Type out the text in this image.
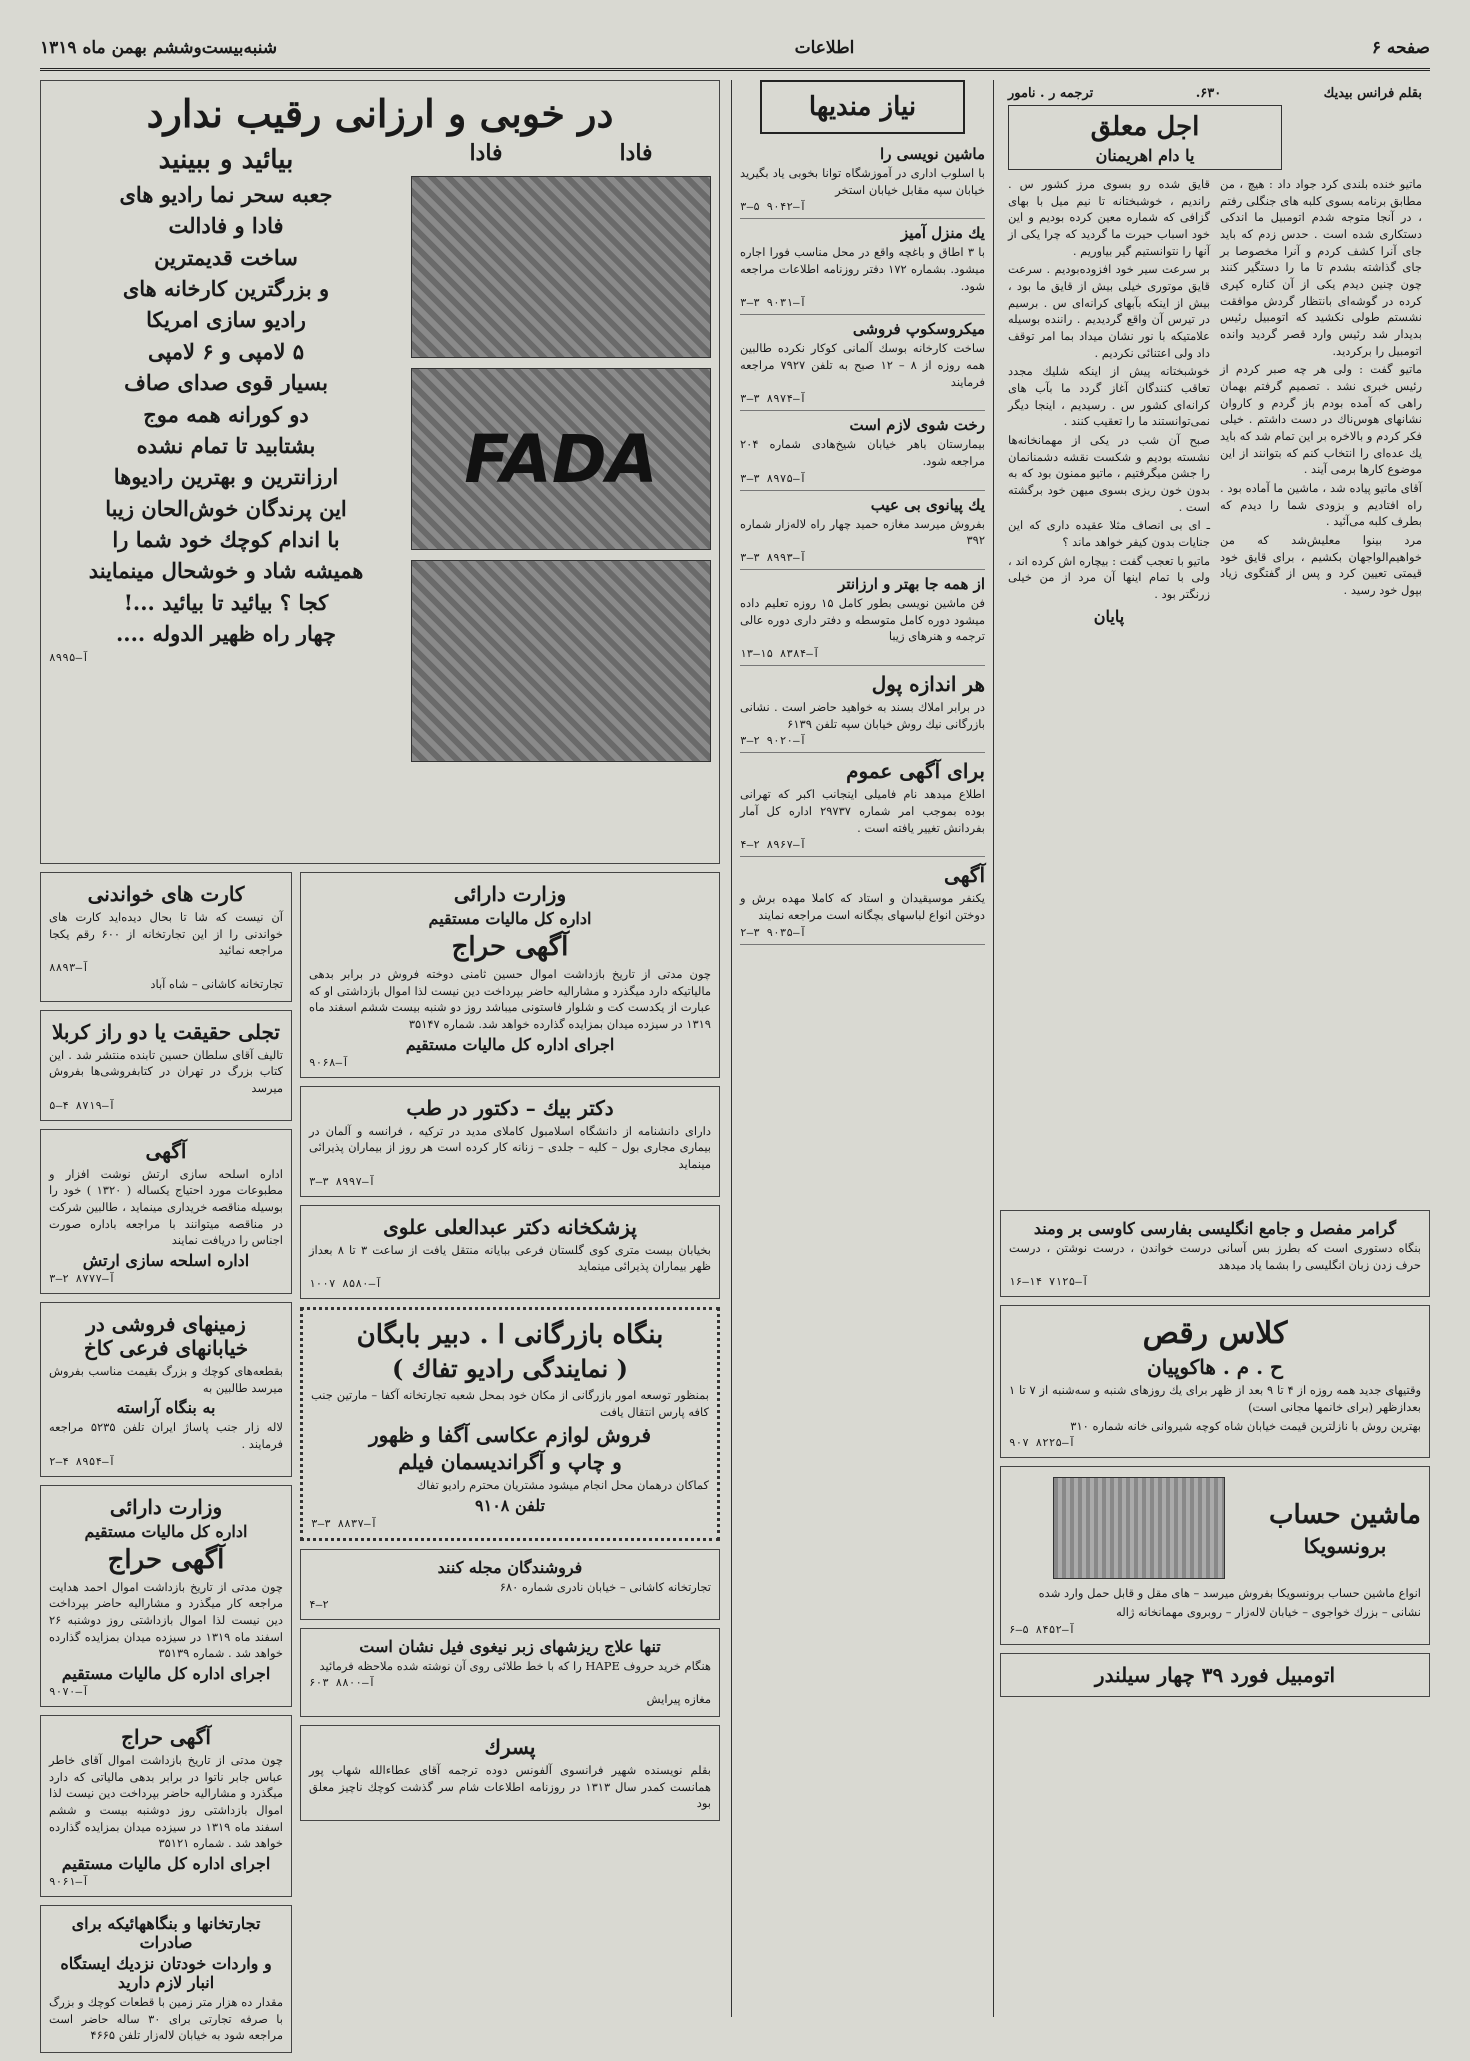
صفحه ۶
اطلاعات
شنبه‌بیست‌وششم بهمن ماه ۱۳۱۹
بقلم فرانس بیدیك
۶۳۰.
ترجمه ر . نامور
اجل معلق
یا دام اهریمنان

ماتیو خنده بلندی کرد جواد داد : هیچ ، من مطابق برنامه بسوی کلبه های جنگلی رفتم ، در آنجا متوجه شدم اتومبیل ما اندکی دستکاری شده است . حدس زدم که باید جای آنرا کشف کردم و آنرا مخصوصا بر جای گذاشته بشدم تا ما را دستگیر کنند چون چنین دیدم یکی از آن کناره کپری کرده در گوشه‌ای بانتظار گردش موافقت نشستم طولی نکشید که اتومبیل رئیس بدیدار شد رئیس وارد قصر گردید وانده اتومبیل را برکردید.

ماتیو گفت : ولی هر چه صبر کردم از رئیس خبری نشد . تصمیم گرفتم بهمان راهی که آمده بودم باز گردم و کاروان نشانهای هوس‌ناك در دست داشتم . خیلی فکر کردم و بالاخره بر این تمام شد که باید یك عده‌ای را انتخاب کنم که بتوانند از این موضوع کارها برمی آیند .

آقای ماتیو پیاده شد ، ماشین ما آماده بود . راه افتادیم و بزودی شما را دیدم که بطرف کلبه می‌آئید .

مرد بینوا معلیش‌شد که من خواهیم‌الواجهان بکشیم ، برای قایق خود قیمتی تعیین کرد و پس از گفتگوی زیاد بپول خود رسید .

قایق شده رو بسوی مرز کشور س . راندیم ، خوشبختانه تا نیم میل با بهای گزافی که شماره معین کرده بودیم و این خود اسباب حیرت ما گردید که چرا یکی از آنها را نتوانستیم گیر بیاوریم .

بر سرعت سیر خود افزوده‌بودیم . سرعت قایق موتوری خیلی بیش از قایق ما بود ، بیش از اینکه بآبهای کرانه‌ای س . برسیم در تیرس آن واقع گردیدیم . راننده بوسیله علامتیکه با نور نشان میداد بما امر توقف داد ولی اعتنائی نکردیم .

خوشبختانه پیش از اینکه شلیك مجدد تعاقب کنندگان آغاز گردد ما بآب های کرانه‌ای کشور س . رسیدیم ، اینجا دیگر نمی‌توانستند ما را تعقیب کنند .

صبح آن شب در یکی از مهمانخانه‌ها نشسته بودیم و شکست نقشه دشمنانمان را جشن میگرفتیم ، ماتیو ممنون بود که به بدون خون ریزی بسوی میهن خود برگشته است .

ـ ای بی انصاف مثلا عقیده داری که این جنایات بدون کیفر خواهد ماند ؟

ماتیو با تعجب گفت : بیچاره اش کرده اند ، ولی با تمام اینها آن مرد از من خیلی زرنگتر بود .

پایان

گرامر مفصل و جامع انگلیسی بفارسی کاوسی بر ومند

بنگاه دستوری است که بطرز بس آسانی درست خواندن ، درست نوشتن ، درست حرف زدن زبان انگلیسی را بشما یاد میدهد

۱۶–۱۴ ۷۱۲۵–آ

کلاس رقص
ح . م . هاکوپیان

وقتیهای جدید همه روزه از ۴ تا ۹ بعد از ظهر برای یك روزهای شنبه و سه‌شنبه از ۷ تا ۱ بعدازظهر (برای خانمها مجانی است)

بهترین روش با نازلترین قیمت خیابان شاه کوچه شیروانی خانه شماره ۳۱۰

۹۰۷ ۸۲۲۵–آ

ماشین حساب
برونسویکا

انواع ماشین حساب برونسویکا بفروش میرسد – های مقل و قابل حمل وارد شده

نشانی – بزرك خواجوی – خیابان لاله‌زار – روبروی مهمانخانه ژاله

۶–۵ ۸۴۵۲–آ

اتومبیل فورد ۳۹ چهار سیلندر
نیاز مندیها
ماشین نویسی را

با اسلوب اداری در آموزشگاه توانا بخوبی یاد بگیرید خیابان سپه مقابل خیابان استخر

۳–۵ ۹۰۴۲–آ

یك منزل آمیز

با ۳ اطاق و باغچه واقع در محل مناسب فورا اجاره میشود. بشماره ۱۷۲ دفتر روزنامه اطلاعات مراجعه شود.

۳–۳ ۹۰۳۱–آ

میکروسکوپ فروشی

ساخت کارخانه بوسك آلمانی کوکار نکرده طالبین همه روزه از ۸ – ۱۲ صبح به تلفن ۷۹۲۷ مراجعه فرمایند

۳–۳ ۸۹۷۴–آ

رخت شوی لازم است

بیمارستان باهر خیابان شیخ‌هادی شماره ۲۰۴ مراجعه شود.

۳–۳ ۸۹۷۵–آ

یك پیانوی بی عیب

بفروش میرسد مغازه حمید چهار راه لاله‌زار شماره ۳۹۲

۳–۳ ۸۹۹۳–آ

از همه جا بهتر و ارزانتر

فن ماشین نویسی بطور کامل ۱۵ روزه تعلیم داده میشود دوره کامل متوسطه و دفتر داری دوره عالی ترجمه و هنرهای زیبا

۱۳–۱۵ ۸۳۸۴–آ

هر اندازه پول

در برابر املاك بسند به خواهید حاضر است . نشانی بازرگانی نیك روش خیابان سپه تلفن ۶۱۳۹

۳–۲ ۹۰۲۰–آ

برای آگهی عموم

اطلاع میدهد نام فامیلی اینجانب اکبر که تهرانی بوده بموجب امر شماره ۲۹۷۳۷ اداره کل آمار بفردانش تغییر یافته است .

۴–۲ ۸۹۶۷–آ

آگهی

یکنفر موسیقیدان و استاد که کاملا مهده برش و دوختن انواع لباسهای بچگانه است مراجعه نمایند

۲–۳ ۹۰۳۵–آ

در خوبی و ارزانی رقیب ندارد
فادا
فادا
FADA
بیائید و ببینید
جعبه سحر نما رادیو های
فادا و فادالت
ساخت قدیمترین
و بزرگترین کارخانه های
رادیو سازی امریکا
۵ لامپی و ۶ لامپی
بسیار قوی صدای صاف
دو کورانه همه موج
بشتابید تا تمام نشده
ارزانترین و بهترین رادیوها
این پرندگان خوش‌الحان زیبا
با اندام کوچك خود شما را
همیشه شاد و خوشحال مینمایند
کجا ؟ بیائید تا بیائید ...!
چهار راه ظهیر الدوله ....

۸۹۹۵–آ

وزارت دارائی
اداره کل مالیات مستقیم
آگهی حراج

چون مدتی از تاریخ بازداشت اموال حسین ثامنی دوخته فروش در برابر بدهی مالیاتیکه دارد میگذرد و مشارالیه حاضر بپرداخت دین نیست لذا اموال بازداشتی او که عبارت از یکدست کت و شلوار فاستونی میباشد روز دو شنبه بیست ششم اسفند ماه ۱۳۱۹ در سیزده میدان بمزایده گذارده خواهد شد. شماره ۳۵۱۴۷

اجرای اداره کل مالیات مستقیم

۹۰۶۸–آ

دکتر بیك – دکتور در طب

دارای دانشنامه از دانشگاه اسلامبول کاملای مدید در ترکیه ، فرانسه و آلمان در بیماری مجاری بول – کلیه – جلدی – زنانه کار کرده است هر روز از بیماران پذیرائی مینماید

۳–۳ ۸۹۹۷–آ

پزشکخانه دکتر عبدالعلی علوی

بخیابان بیست متری کوی گلستان فرعی ببایانه منتقل یافت از ساعت ۳ تا ۸ بعداز ظهر بیماران پذیرائی مینماید

۱۰۰۷ ۸۵۸۰–آ

بنگاه بازرگانی ا . دبیر بابگان
( نمایندگی رادیو تفاك )

بمنظور توسعه امور بازرگانی از مکان خود بمحل شعبه تجارتخانه آکفا – مارتین جنب کافه پارس انتقال یافت

فروش لوازم عکاسی آگفا و ظهور
و چاپ و آگراندیسمان فیلم

کماکان درهمان محل انجام میشود مشتریان محترم رادیو تفاك

تلفن ۹۱۰۸

۳–۳ ۸۸۳۷–آ

فروشندگان مجله کنند

تجارتخانه کاشانی – خیابان نادری شماره ۶۸۰

۴–۲

تنها علاج ریزشهای زبر نیغوی فیل نشان است

هنگام خرید حروف HAPE را که با خط طلائی روی آن نوشته شده ملاحظه فرمائید

۶۰۳ ۸۸۰۰–آ

مغازه پیرایش

پسرك

بقلم نویسنده شهیر فرانسوی آلفونس دوده ترجمه آقای عطاءالله شهاب پور همانست کمدر سال ۱۳۱۳ در روزنامه اطلاعات شام سر گذشت کوچك ناچیز معلق بود

کارت های خواندنی

آن نیست که شا تا بحال دیده‌اید کارت های خواندنی را از این تجارتخانه از ۶۰۰ رقم یکجا مراجعه نمائید

۸۸۹۳–آ

تجارتخانه کاشانی – شاه آباد

تجلی حقیقت یا دو راز کربلا

تالیف آقای سلطان حسین تابنده منتشر شد . این کتاب بزرگ در تهران در کتابفروشی‌ها بفروش میرسد

۵–۴ ۸۷۱۹–آ

آگهی

اداره اسلحه سازی ارتش نوشت افزار و مطبوعات مورد احتیاج یکساله ( ۱۳۲۰ ) خود را بوسیله مناقصه خریداری مینماید ، طالبین شرکت در مناقصه میتوانند با مراجعه باداره صورت اجناس را دریافت نمایند

اداره اسلحه سازی ارتش

۳–۲ ۸۷۷۷–آ

زمینهای فروشی در خیابانهای فرعی کاخ

بقطعه‌های کوچك و بزرگ بقیمت مناسب بفروش میرسد طالبین به

به بنگاه آراسته

لاله زار جنب پاساژ ایران تلفن ۵۲۳۵ مراجعه فرمایند .

۲–۴ ۸۹۵۴–آ

وزارت دارائی
اداره کل مالیات مستقیم
آگهی حراج

چون مدتی از تاریخ بازداشت اموال احمد هدایت مراجعه کار میگذرد و مشارالیه حاضر بپرداخت دین نیست لذا اموال بازداشتی روز دوشنبه ۲۶ اسفند ماه ۱۳۱۹ در سیزده میدان بمزایده گذارده خواهد شد . شماره ۳۵۱۳۹

اجرای اداره کل مالیات مستقیم

۹۰۷۰–آ

آگهی حراج

چون مدتی از تاریخ بازداشت اموال آقای خاطر عباس جابر ناتوا در برابر بدهی مالیاتی که دارد میگذرد و مشارالیه حاضر بپرداخت دین نیست لذا اموال بازداشتی روز دوشنبه بیست و ششم اسفند ماه ۱۳۱۹ در سیزده میدان بمزایده گذارده خواهد شد . شماره ۳۵۱۲۱

اجرای اداره کل مالیات مستقیم

۹۰۶۱–آ

تجارتخانها و بنگاههائیکه برای صادرات
و واردات خودتان نزدیك ایستگاه انبار لازم دارید

مقدار ده هزار متر زمین با قطعات کوچك و بزرگ با صرفه تجارتی برای ۳۰ ساله حاضر است مراجعه شود به خیابان لاله‌زار تلفن ۴۶۶۵
